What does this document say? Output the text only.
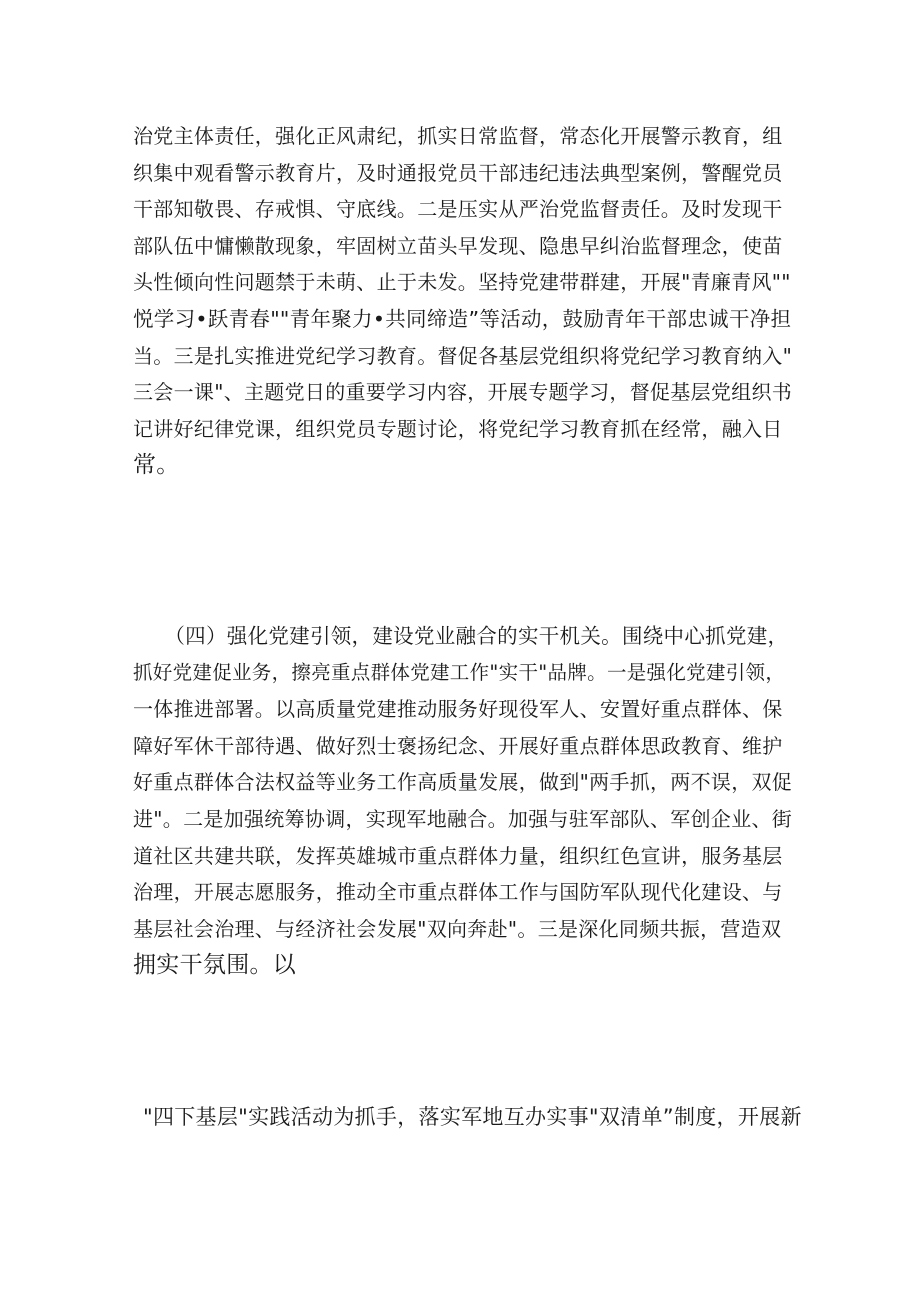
治党主体责任，强化正风肃纪，抓实日常监督，常态化开展警示教育，组
织集中观看警示教育片，及时通报党员干部违纪违法典型案例，警醒党员
干部知敬畏、存戒惧、守底线。二是压实从严治党监督责任。及时发现干
部队伍中慵懒散现象，牢固树立苗头早发现、隐患早纠治监督理念，使苗
头性倾向性问题禁于未萌、止于未发。坚持党建带群建，开展"青廉青风""
悦学习•跃青春""青年聚力•共同缔造”等活动，鼓励青年干部忠诚干净担
当。三是扎实推进党纪学习教育。督促各基层党组织将党纪学习教育纳入"
三会一课"、主题党日的重要学习内容，开展专题学习，督促基层党组织书
记讲好纪律党课，组织党员专题讨论，将党纪学习教育抓在经常，融入日
常。

　　（四）强化党建引领，建设党业融合的实干机关。围绕中心抓党建，
抓好党建促业务，擦亮重点群体党建工作"实干"品牌。一是强化党建引领，
一体推进部署。以高质量党建推动服务好现役军人、安置好重点群体、保
障好军休干部待遇、做好烈士褒扬纪念、开展好重点群体思政教育、维护
好重点群体合法权益等业务工作高质量发展，做到"两手抓，两不误，双促
进"。二是加强统筹协调，实现军地融合。加强与驻军部队、军创企业、街
道社区共建共联，发挥英雄城市重点群体力量，组织红色宣讲，服务基层
治理，开展志愿服务，推动全市重点群体工作与国防军队现代化建设、与
基层社会治理、与经济社会发展"双向奔赴"。三是深化同频共振，营造双
拥实干氛围。以

"四下基层"实践活动为抓手，落实军地互办实事"双清单”制度，开展新
